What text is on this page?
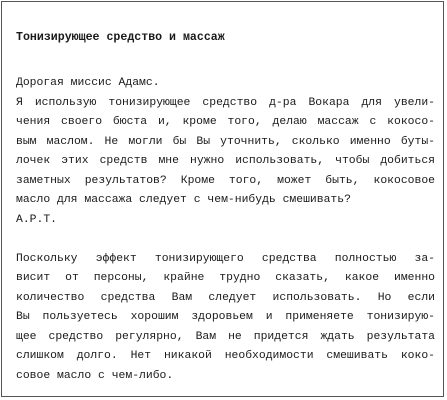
Тонизирующее средство и массаж
Дорогая миссис Адамс.
Я использую тонизирующее средство д-ра Вокара для увели-
чения своего бюста и, кроме того, делаю массаж с кокосо-
вым маслом. Не могли бы Вы уточнить, сколько именно буты-
лочек этих средств мне нужно использовать, чтобы добиться
заметных результатов? Кроме того, может быть, кокосовое
масло для массажа следует с чем-нибудь смешивать?
А.Р.Т.
Поскольку эффект тонизирующего средства полностью за-
висит от персоны, крайне трудно сказать, какое именно
количество средства Вам следует использовать. Но если
Вы пользуетесь хорошим здоровьем и применяете тонизирую-
щее средство регулярно, Вам не придется ждать результата
слишком долго. Нет никакой необходимости смешивать коко-
совое масло с чем-либо.
